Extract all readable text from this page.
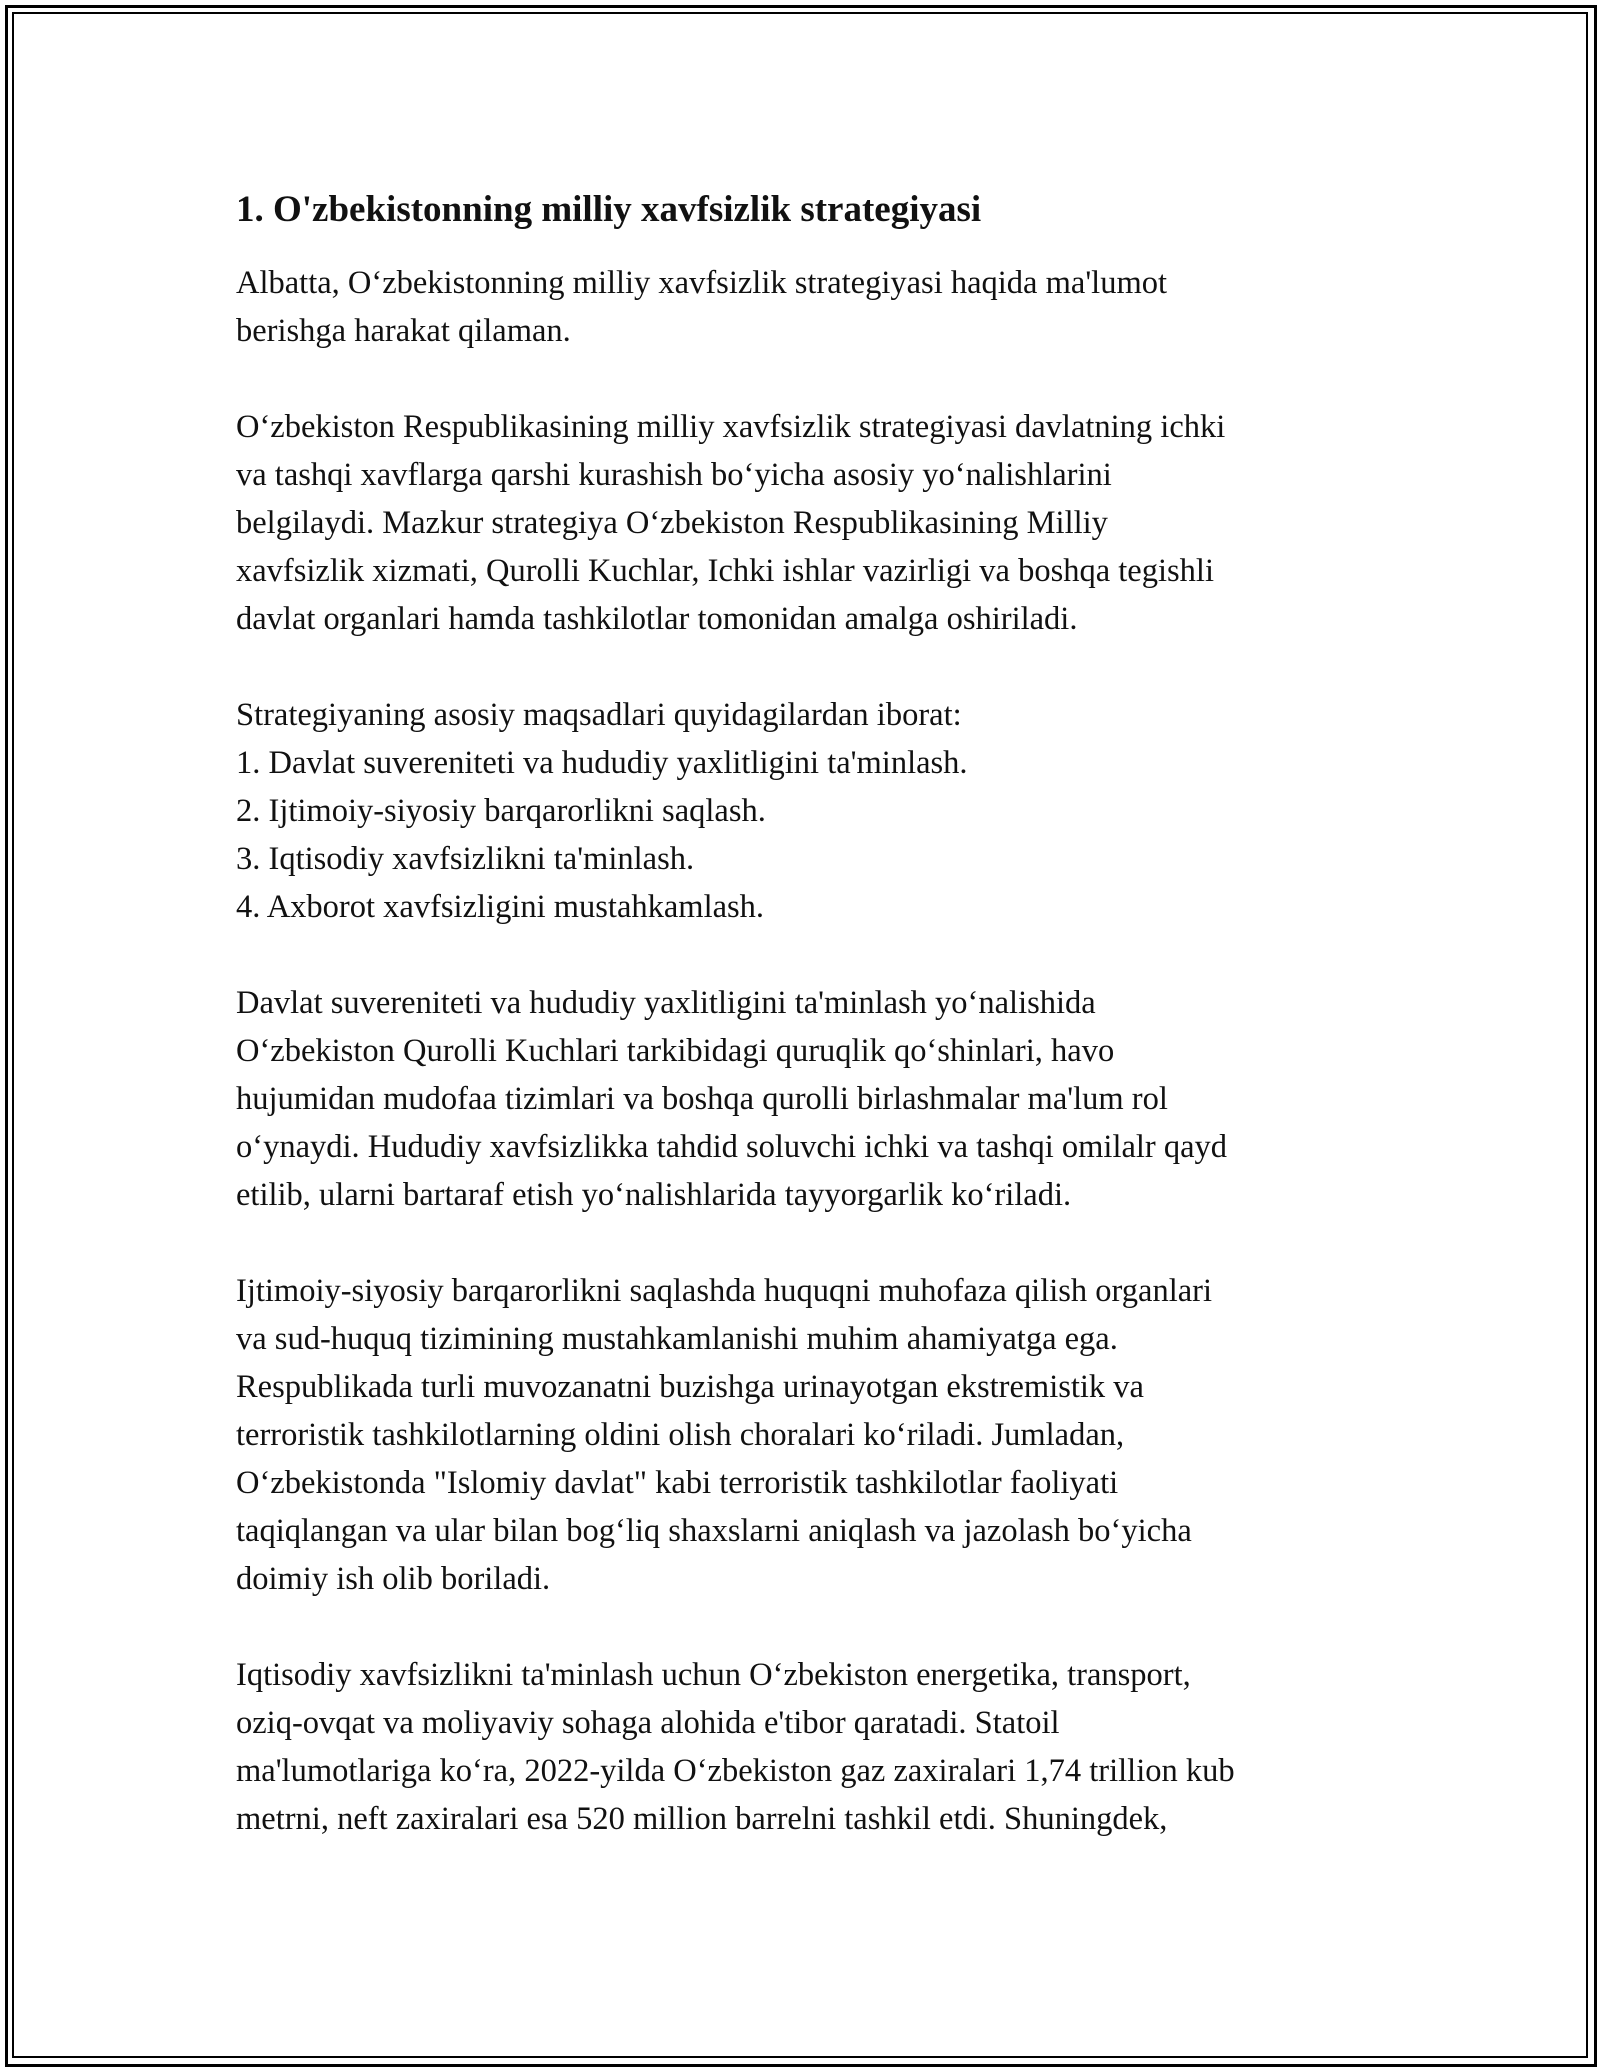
1. O'zbekistonning milliy xavfsizlik strategiyasi

Albatta, O‘zbekistonning milliy xavfsizlik strategiyasi haqida ma'lumot
berishga harakat qilaman.

O‘zbekiston Respublikasining milliy xavfsizlik strategiyasi davlatning ichki
va tashqi xavflarga qarshi kurashish bo‘yicha asosiy yo‘nalishlarini
belgilaydi. Mazkur strategiya O‘zbekiston Respublikasining Milliy
xavfsizlik xizmati, Qurolli Kuchlar, Ichki ishlar vazirligi va boshqa tegishli
davlat organlari hamda tashkilotlar tomonidan amalga oshiriladi.

Strategiyaning asosiy maqsadlari quyidagilardan iborat:
1. Davlat suvereniteti va hududiy yaxlitligini ta'minlash.
2. Ijtimoiy-siyosiy barqarorlikni saqlash.
3. Iqtisodiy xavfsizlikni ta'minlash.
4. Axborot xavfsizligini mustahkamlash.

Davlat suvereniteti va hududiy yaxlitligini ta'minlash yo‘nalishida
O‘zbekiston Qurolli Kuchlari tarkibidagi quruqlik qo‘shinlari, havo
hujumidan mudofaa tizimlari va boshqa qurolli birlashmalar ma'lum rol
o‘ynaydi. Hududiy xavfsizlikka tahdid soluvchi ichki va tashqi omilalr qayd
etilib, ularni bartaraf etish yo‘nalishlarida tayyorgarlik ko‘riladi.

Ijtimoiy-siyosiy barqarorlikni saqlashda huquqni muhofaza qilish organlari
va sud-huquq tizimining mustahkamlanishi muhim ahamiyatga ega.
Respublikada turli muvozanatni buzishga urinayotgan ekstremistik va
terroristik tashkilotlarning oldini olish choralari ko‘riladi. Jumladan,
O‘zbekistonda "Islomiy davlat" kabi terroristik tashkilotlar faoliyati
taqiqlangan va ular bilan bog‘liq shaxslarni aniqlash va jazolash bo‘yicha
doimiy ish olib boriladi.

Iqtisodiy xavfsizlikni ta'minlash uchun O‘zbekiston energetika, transport,
oziq-ovqat va moliyaviy sohaga alohida e'tibor qaratadi. Statoil
ma'lumotlariga ko‘ra, 2022-yilda O‘zbekiston gaz zaxiralari 1,74 trillion kub
metrni, neft zaxiralari esa 520 million barrelni tashkil etdi. Shuningdek,
